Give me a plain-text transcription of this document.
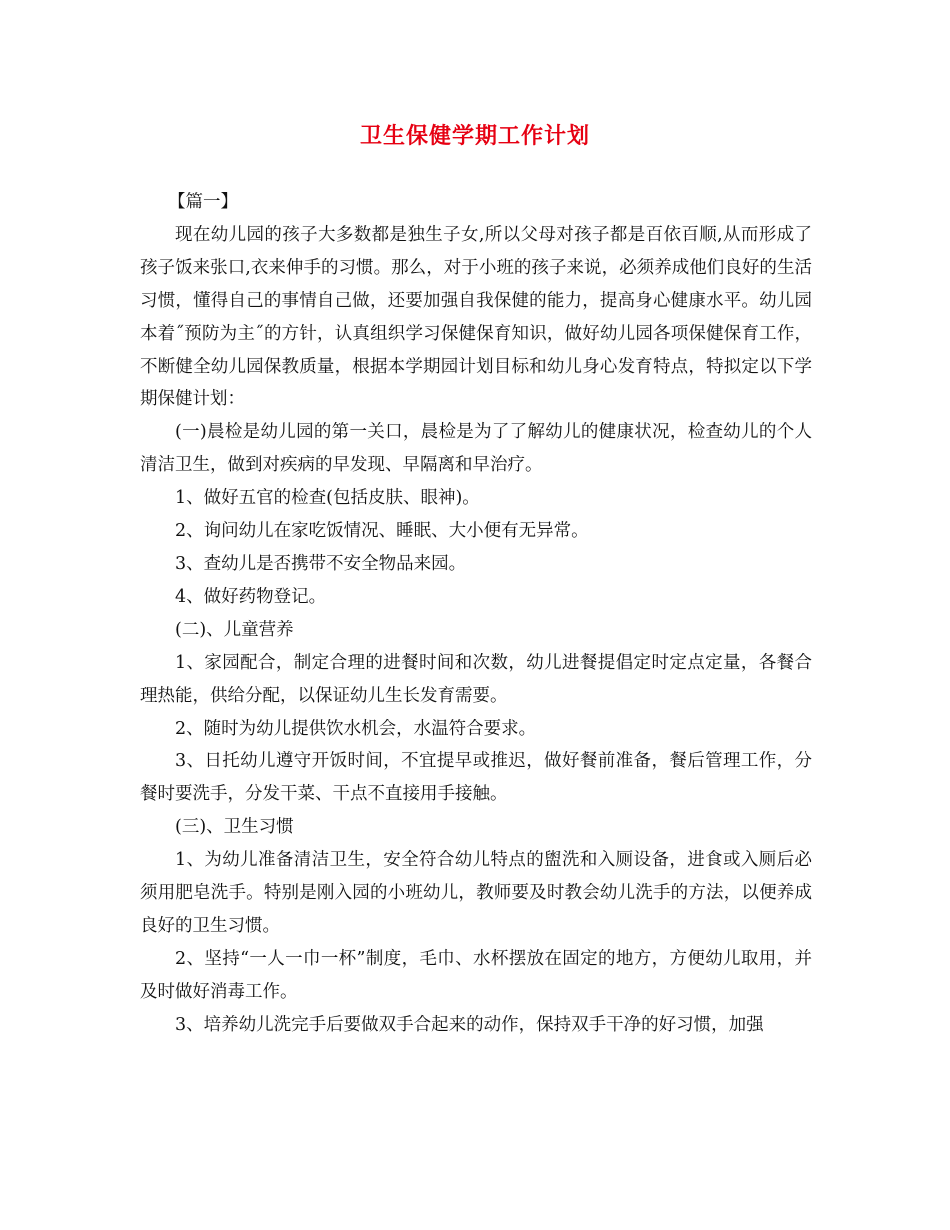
卫生保健学期工作计划

【篇一】

现在幼儿园的孩子大多数都是独生子女,所以父母对孩子都是百依百顺,从而形成了孩子饭来张口,衣来伸手的习惯。那么，对于小班的孩子来说，必须养成他们良好的生活习惯，懂得自己的事情自己做，还要加强自我保健的能力，提高身心健康水平。幼儿园本着˝预防为主˝的方针，认真组织学习保健保育知识，做好幼儿园各项保健保育工作，不断健全幼儿园保教质量，根据本学期园计划目标和幼儿身心发育特点，特拟定以下学期保健计划：

(一)晨检是幼儿园的第一关口，晨检是为了了解幼儿的健康状况，检查幼儿的个人清洁卫生，做到对疾病的早发现、早隔离和早治疗。

1、做好五官的检查(包括皮肤、眼神)。

2、询问幼儿在家吃饭情况、睡眠、大小便有无异常。

3、查幼儿是否携带不安全物品来园。

4、做好药物登记。

(二)、儿童营养

1、家园配合，制定合理的进餐时间和次数，幼儿进餐提倡定时定点定量，各餐合理热能，供给分配，以保证幼儿生长发育需要。

2、随时为幼儿提供饮水机会，水温符合要求。

3、日托幼儿遵守开饭时间，不宜提早或推迟，做好餐前准备，餐后管理工作，分餐时要洗手，分发干菜、干点不直接用手接触。

(三)、卫生习惯

1、为幼儿准备清洁卫生，安全符合幼儿特点的盥洗和入厕设备，进食或入厕后必须用肥皂洗手。特别是刚入园的小班幼儿，教师要及时教会幼儿洗手的方法，以便养成良好的卫生习惯。

2、坚持“一人一巾一杯”制度，毛巾、水杯摆放在固定的地方，方便幼儿取用，并及时做好消毒工作。

3、培养幼儿洗完手后要做双手合起来的动作，保持双手干净的好习惯，加强
